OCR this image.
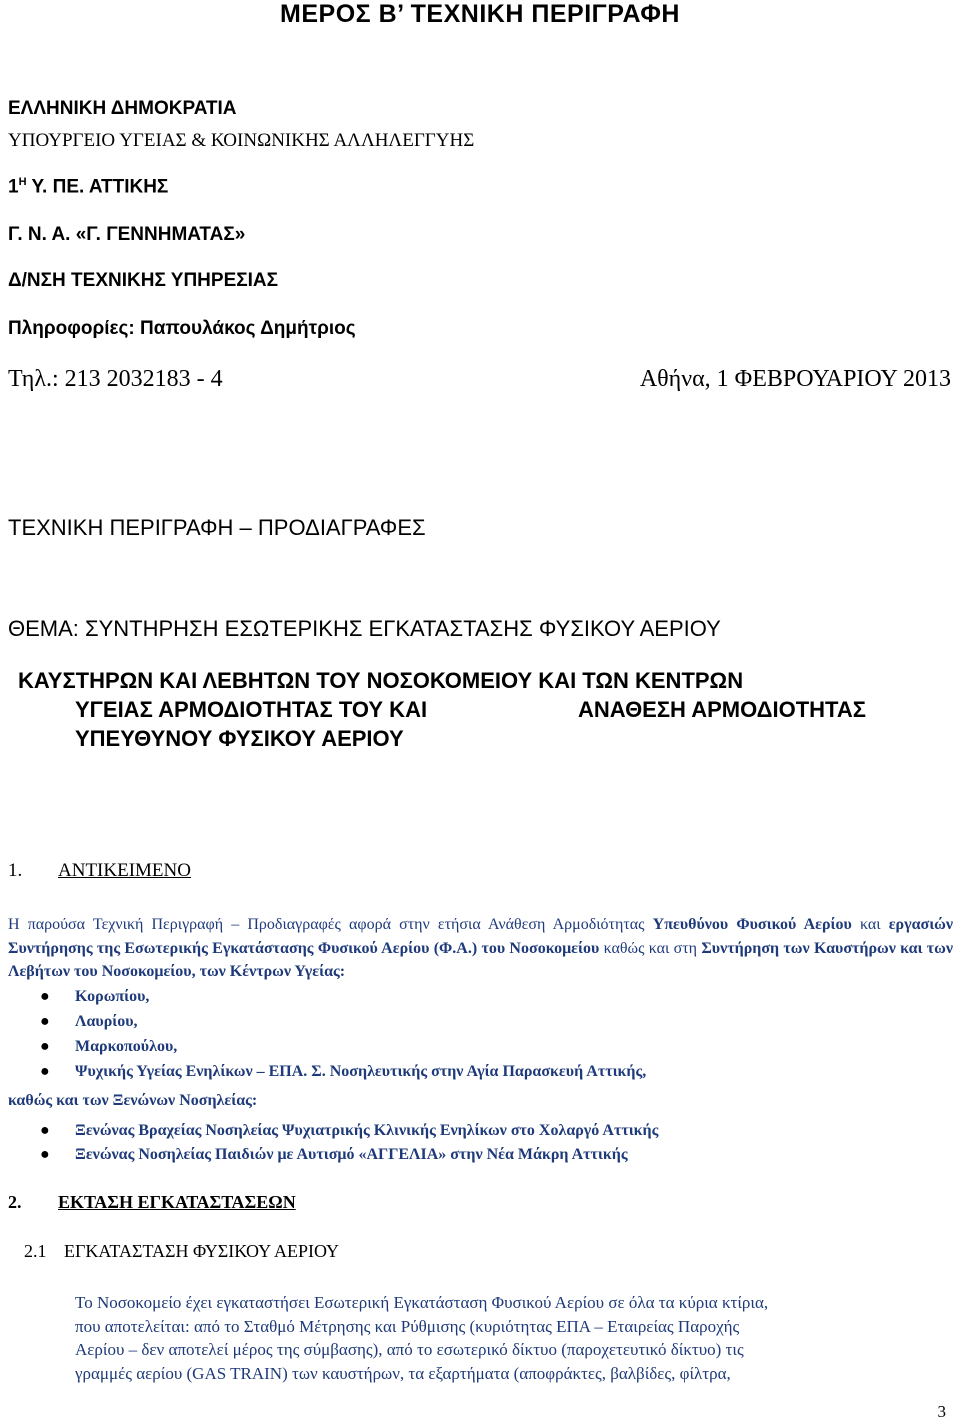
ΜΕΡΟΣ Β’ ΤΕΧΝΙΚΗ ΠΕΡΙΓΡΑΦΗ
ΕΛΛΗΝΙΚΗ ΔΗΜΟΚΡΑΤΙΑ
ΥΠΟΥΡΓΕΙΟ ΥΓΕΙΑΣ & ΚΟΙΝΩΝΙΚΗΣ ΑΛΛΗΛΕΓΓΥΗΣ
$1^H$ Υ. ΠΕ. ΑΤΤΙΚΗΣ
Γ. Ν. Α. «Γ. ΓΕΝΝΗΜΑΤΑΣ»
Δ/ΝΣΗ ΤΕΧΝΙΚΗΣ ΥΠΗΡΕΣΙΑΣ
Πληροφορίες: Παπουλάκος Δημήτριος
Τηλ.: 213 2032183 - 4	Αθήνα, 1 ΦΕΒΡΟΥΑΡΙΟΥ 2013
ΤΕΧΝΙΚΗ ΠΕΡΙΓΡΑΦΗ – ΠΡΟΔΙΑΓΡΑΦΕΣ
ΘΕΜΑ: ΣΥΝΤΗΡΗΣΗ ΕΣΩΤΕΡΙΚΗΣ ΕΓΚΑΤΑΣΤΑΣΗΣ ΦΥΣΙΚΟΥ ΑΕΡΙΟΥ
ΚΑΥΣΤΗΡΩΝ ΚΑΙ ΛΕΒΗΤΩΝ ΤΟΥ ΝΟΣΟΚΟΜΕΙΟΥ ΚΑΙ ΤΩΝ ΚΕΝΤΡΩΝ
ΥΓΕΙΑΣ ΑΡΜΟΔΙΟΤΗΤΑΣ ΤΟΥ ΚΑΙ	ΑΝΑΘΕΣΗ ΑΡΜΟΔΙΟΤΗΤΑΣ
ΥΠΕΥΘΥΝΟΥ ΦΥΣΙΚΟΥ ΑΕΡΙΟΥ
1. ΑΝΤΙΚΕΙΜΕΝΟ
Η παρούσα Τεχνική Περιγραφή – Προδιαγραφές αφορά στην ετήσια Ανάθεση Αρμοδιότητας Υπευθύνου Φυσικού Αερίου και εργασιών Συντήρησης της Εσωτερικής Εγκατάστασης Φυσικού Αερίου (Φ.Α.) του Νοσοκομείου καθώς και στη Συντήρηση των Καυστήρων και των Λεβήτων του Νοσοκομείου, των Κέντρων Υγείας:
● Κορωπίου,
● Λαυρίου,
● Μαρκοπούλου,
● Ψυχικής Υγείας Ενηλίκων – ΕΠΑ. Σ. Νοσηλευτικής στην Αγία Παρασκευή Αττικής,
καθώς και των Ξενώνων Νοσηλείας:
● Ξενώνας Βραχείας Νοσηλείας Ψυχιατρικής Κλινικής Ενηλίκων στο Χολαργό Αττικής
● Ξενώνας Νοσηλείας Παιδιών με Αυτισμό «ΑΓΓΕΛΙΑ» στην Νέα Μάκρη Αττικής
2. ΕΚΤΑΣΗ ΕΓΚΑΤΑΣΤΑΣΕΩΝ
2.1 ΕΓΚΑΤΑΣΤΑΣΗ ΦΥΣΙΚΟΥ ΑΕΡΙΟΥ
Το Νοσοκομείο έχει εγκαταστήσει Εσωτερική Εγκατάσταση Φυσικού Αερίου σε όλα τα κύρια κτίρια,
που αποτελείται: από το Σταθμό Μέτρησης και Ρύθμισης (κυριότητας ΕΠΑ – Εταιρείας Παροχής
Αερίου – δεν αποτελεί μέρος της σύμβασης), από το εσωτερικό δίκτυο (παροχετευτικό δίκτυο) τις
γραμμές αερίου (GAS TRAIN) των καυστήρων, τα εξαρτήματα (αποφράκτες, βαλβίδες, φίλτρα,
3
